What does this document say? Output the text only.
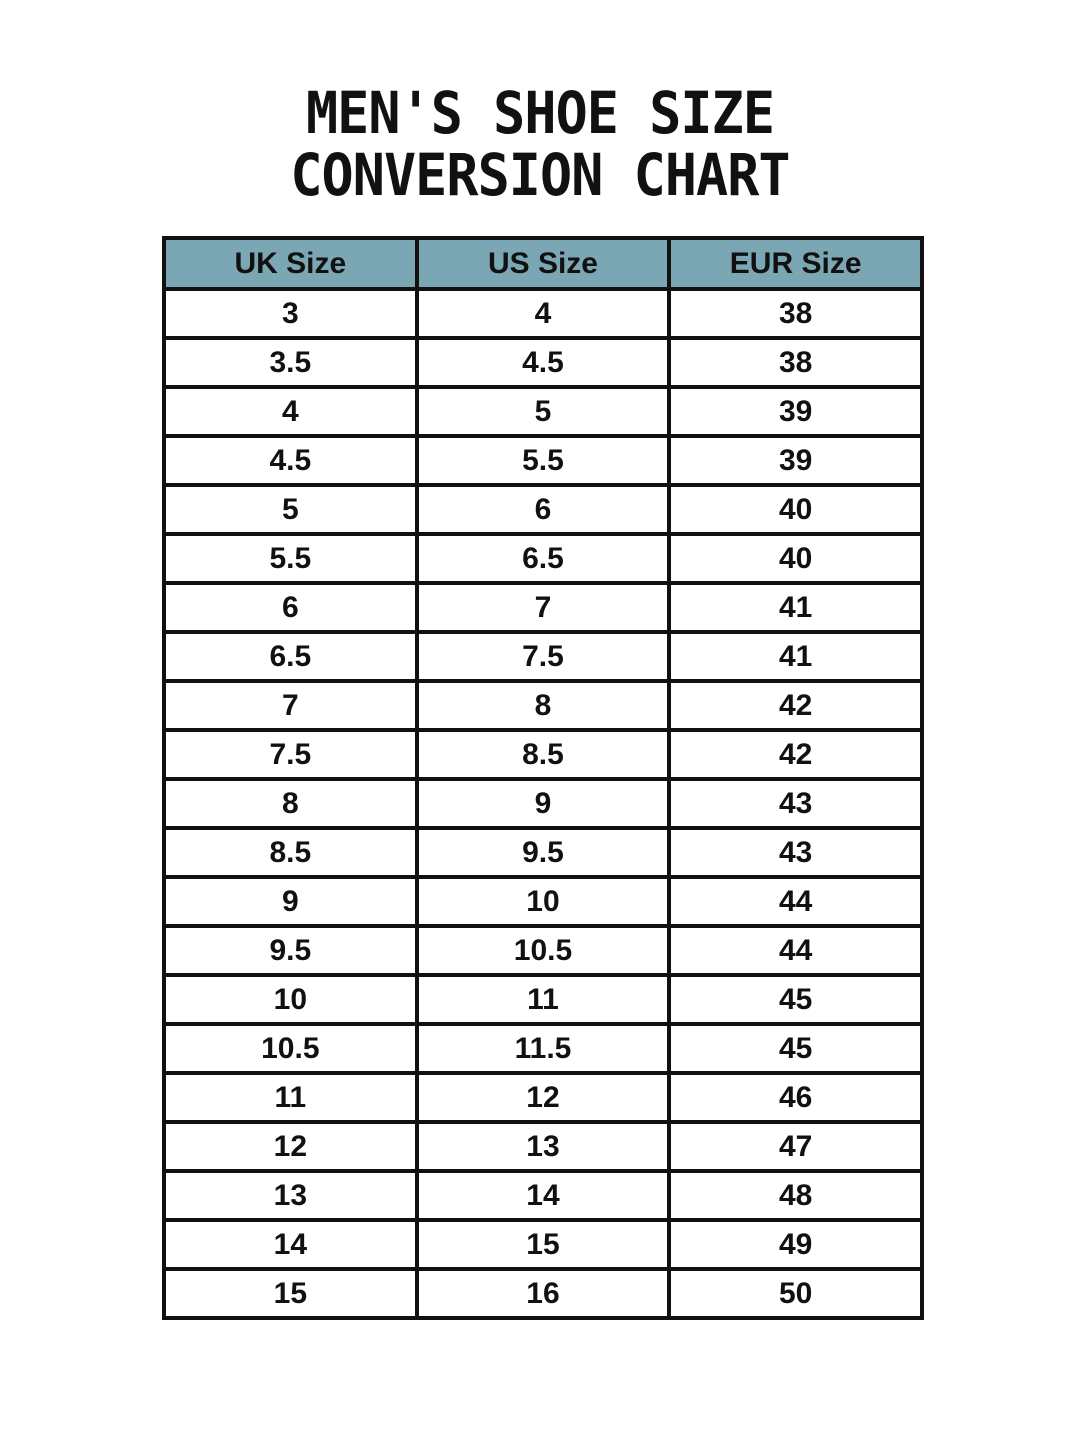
MEN'S SHOE SIZE
CONVERSION CHART
UK Size	US Size	EUR Size
3	4	38
3.5	4.5	38
4	5	39
4.5	5.5	39
5	6	40
5.5	6.5	40
6	7	41
6.5	7.5	41
7	8	42
7.5	8.5	42
8	9	43
8.5	9.5	43
9	10	44
9.5	10.5	44
10	11	45
10.5	11.5	45
11	12	46
12	13	47
13	14	48
14	15	49
15	16	50
